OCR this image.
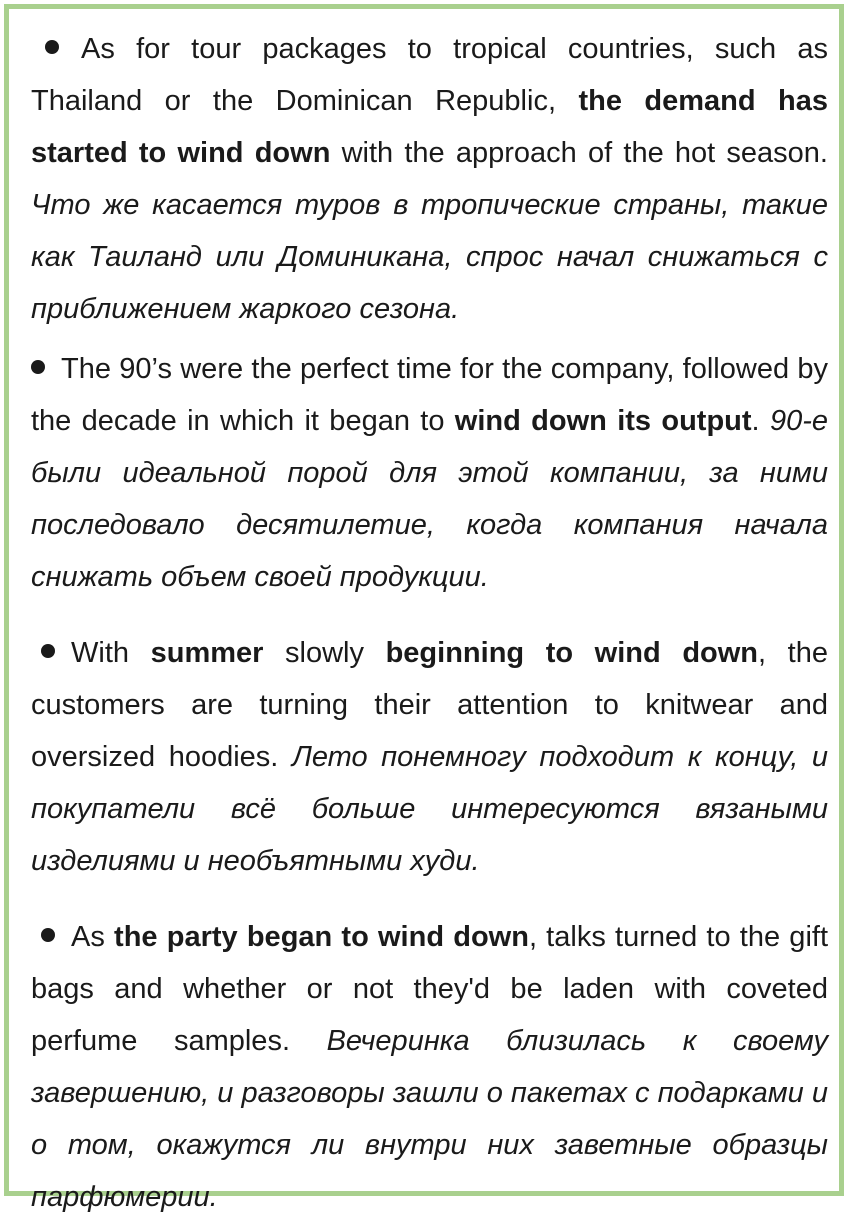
As for tour packages to tropical countries, such as Thailand or the Dominican Republic, the demand has started to wind down with the approach of the hot season. Что же касается туров в тропические страны, такие как Таиланд или Доминикана, спрос начал снижаться с приближением жаркого сезона.

The 90’s were the perfect time for the company, followed by the decade in which it began to wind down its output. 90-е были идеальной порой для этой компании, за ними последовало десятилетие, когда компания начала снижать объем своей продукции.

With summer slowly beginning to wind down, the customers are turning their attention to knitwear and oversized hoodies. Лето понемногу подходит к концу, и покупатели всё больше интересуются вязаными изделиями и необъятными худи.

As the party began to wind down, talks turned to the gift bags and whether or not they'd be laden with coveted perfume samples. Вечеринка близилась к своему завершению, и разговоры зашли о пакетах с подарками и о том, окажутся ли внутри них заветные образцы парфюмерии.
